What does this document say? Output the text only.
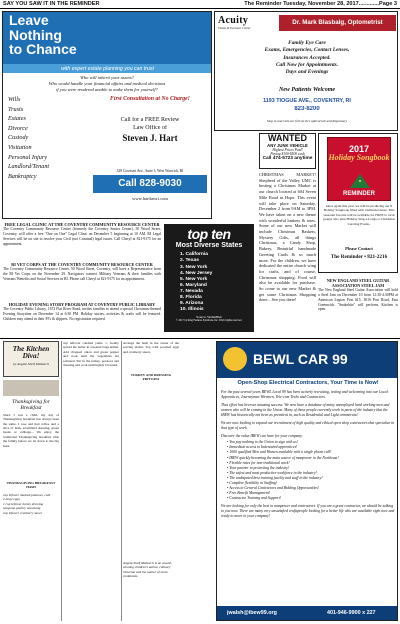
SAY YOU SAW IT IN THE REMINDER	The Reminder Tuesday, November 28, 2017.............Page 3
Leave
Nothing
to Chance
with expert estate planning you can trust
Who will inherit your assets?
Who would handle your financial affairs and medical decisions
if you were rendered unable to make them for yourself?
Wills
Trusts
Estates
Divorce
Custody
Visitation
Personal Injury
Landlord/Tenant
Bankruptcy
First Consultation at No Charge!
Call for a FREE Review
Law Office of
Steven J. Hart
328 Cowesett Ave., Suite 3, West Warwick, RI
Call 828-9030
www.hartlawri.com
Acuity
Vision & Eyewear Center
Dr. Mark Blasbalg, Optometrist
Family Eye Care
Exams, Emergencies, Contact Lenses,
Insurances Accepted.
Call Now for Appointments.
Days and Evenings
New Patients Welcome
1193 TIOGUE AVE., COVENTRY, RI
823-8200
Stop in and visit our full service optical lab and dispensary
WANTED
ANY JUNK VEHICLE
Highest Prices Paid!
Paying $100-$500 cash
Call 474-5723 anytime
2017
Holiday Songbook
REMINDER
Once again this year, we will be producing our 8 Holiday Songbook filled with traditional tunes. This seasonal favorite will be available for FREE to local groups who plan Holiday Sing-a-Longs or Christmas Caroling Events.
Please Contact
The Reminder • 821-2216
CHRISTMAS MARKET! Shepherd of the Valley UMC is hosting a Christmas Market at our church located at 604 Seven Mile Road in Hope. This event will take place on Saturday, December 2 from 9AM to 3PM. We have taken on a new theme with wonderful baskets & totes. Some of our new Market will include Christmas Baskets, Mystery Gifts, all things Christmas, a Candy Shop, Bakery, Beautiful handmade Greeting Cards & so much more. For the children, we have dedicated the entire church wing for crafts, and of course, Christmas shopping. Food will also be available for purchase. So come to our new Market & get some Christmas Shopping done... See you there!
top ten
Most Diverse States
1. California
2. Texas
3. New York
4. New Jersey
5. New York
6. Maryland
7. Nevada
8. Florida
9. Arizona
10. Illinois
Source: WalletHub
© 2017 by King Features Syndicate, Inc. World rights reserved.
FREE LEGAL CLINIC AT THE COVENTRY COMMUNITY RESOURCE CENTER
The Coventry Community Resource Center (formerly the Coventry Senior Center), 50 Wood Street, Coventry, will offer a free "One on One" Legal Clinic on December 5 beginning at 10 AM. RI Legal Services will be on site to resolve your Civil (not Criminal) legal issues. Call Cheryl at 821-9175 for an appointment.
RI VET CORPS AT THE COVENTRY COMMUNITY RESOURCE CENTER
The Coventry Community Resource Center, 50 Wood Street, Coventry, will have a Representative from the RI Vet Corps on the November 29. Navigators connect Military Veterans & their families with Veterans' Benefits and Social Services in RI. Please call Cheryl at 821-9175 for an appointment.
HOLIDAY EVENING STORY PROGRAM AT COVENTRY PUBLIC LIBRARY
The Coventry Public Library, 1672 Flat River Road, invites families to attend a special Christmas-themed Evening Storytime on December 14 at 6:30 PM. Holiday stories, activities & crafts will be featured. Children may attend in their PJ's & slippers. No registration required.
NEW ENGLAND STEEL GUITAR ASSOCIATION STEEL JAM
The New England Steel Guitar Association will hold a Steel Jam on December 10 from 12:30-4:30PM at American Legion Post #15, 3016 Post Road, East Greenwich. "Snakebite" will perform. Kitchen is open.
The Kitchen Diva!
by Angela Shelf Medearis
Thanksgiving for Breakfast
Since I was a child, my day of Thanksgiving breakfast has always been the same. I rose and had coffee and a slice of ham, scrambled dressing, green beans or cabbage... We enjoy the traditional Thanksgiving breakfast with the family before we sit down to the big feast.
THANKSGIVING BREAKFAST HASH
cup leftover mashed potatoes, cold
2 large eggs
1 cup leftover turkey dressing
teaspoon poultry seasoning
cup leftover cranberry sauce
cup leftover candied yams. 1. Gently spread the butter in a heated large skillet. Add chopped onion and green pepper and cook until the vegetables are softened. Stir in the turkey, potatoes and dressing and cook until lightly browned.
Arrange the hash in the center of the serving platter. Top with poached eggs and cranberry sauce.
TURKEY AND DRESSING FRITTATA
Angela Shelf Medearis is an award-winning children's author, culinary historian and the author of seven cookbooks.
BEWL CAR 99
Open-Shop Electrical Contractors, Your Time is Now!
For the past several years BEWL Local 99 has been actively recruiting, testing and welcoming into our Local: Apprentices, Journeymen Wiremen, Tele-com Techs and Contractors.
That effort has been an amazing success. We now have a database of many unemployed hard working men and women who will be coming in the Union. Many of these people currently work in parts of the industry that the IBEW has historically not been as prevalent in, such as Residential and Light commercial.
We are now looking to expand our recruitment of high quality and ethical open shop contractors that specialize in that type of work.
Discover the value IBEW can have for your company:
• You pay nothing to the Union to sign with us!
• Immediate access to Indentured apprentices!
• 1000 qualified Men and Women available with a single phone call!
• IBEW quickly becoming the main source of manpower in the Northeast!
• Flexible rates for non-traditional work!
• Your partner in protecting the industry!
• The safest and most productive workforce in the industry!
• The undisputed best training facility and staff in the industry!
• Complete flexibility in Staffing!
• Access to General Contractors and Bidding Opportunities!
• Free Benefit Management!
• Contractor Training and Support!
We are looking for only the best in manpower and contractors. If you are a great contractor, we should be talking to you now. There are many very unsatisfied craftspeople looking for a better life who are available right now and ready to move to your company!
jwalsh@ibew99.org	401-946-9900 x 227
